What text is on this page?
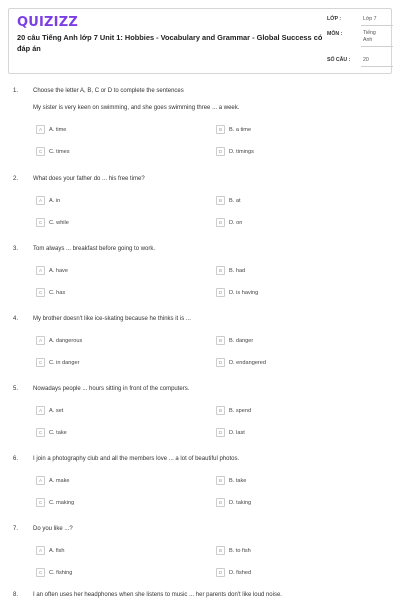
QUIZIZZ
20 câu Tiếng Anh lớp 7 Unit 1: Hobbies - Vocabulary and Grammar - Global Success có đáp án
LỚP :	Lớp 7
MÔN :	Tiếng
Anh
SỐ CÂU : 20
1. Choose the letter A, B, C or D to complete the sentences
My sister is very keen on swimming, and she goes swimming three ... a week.
A	A. time	B	B. a time
C	C. times	D	D. timings
2. What does your father do ... his free time?
A	A. in	B	B. at
C	C. while	D	D. on
3. Tom always ... breakfast before going to work.
A	A. have	B	B. had
C	C. has	D	D. is having
4. My brother doesn't like ice-skating because he thinks it is ...
A	A. dangerous	B	B. danger
C	C. in danger	D	D. endangered
5. Nowadays people ... hours sitting in front of the computers.
A	A. set	B	B. spend
C	C. take	D	D. last
6. I join a photography club and all the members love ... a lot of beautiful photos.
A	A. make	B	B. take
C	C. making	D	D. taking
7. Do you like ...?
A	A. fish	B	B. to fish
C	C. fishing	D	D. fished
8. I an often uses her headphones when she listens to music ... her parents don't like loud noise.
